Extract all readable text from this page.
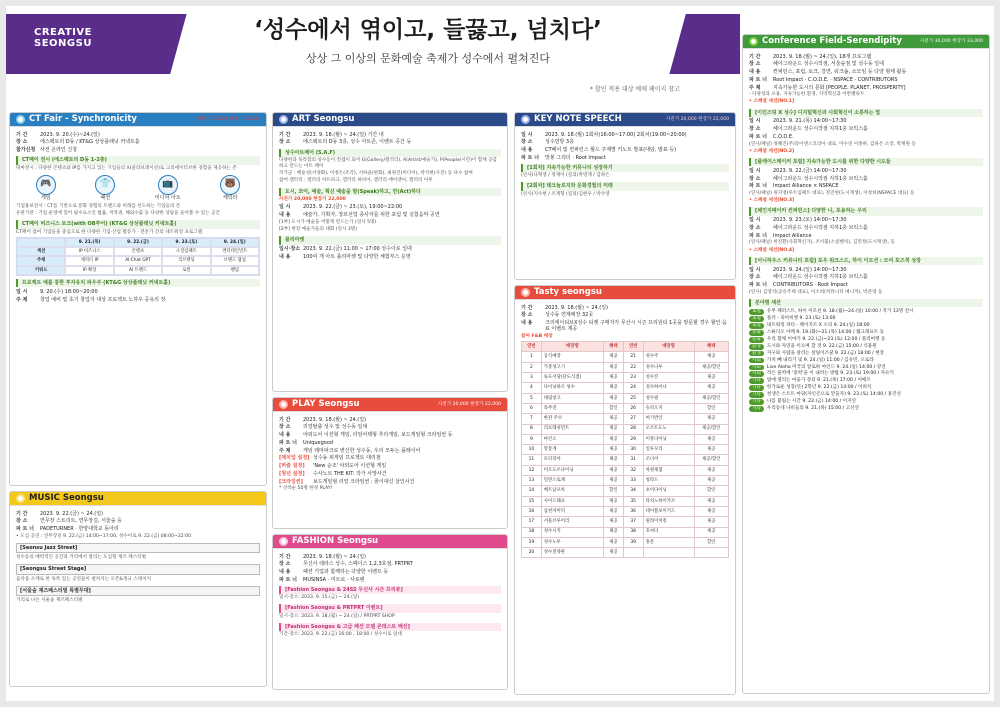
CREATIVE
SEONGSU	‘성수에서 엮이고, 들끓고, 넘치다’
상상 그 이상의 문화예술 축제가 성수에서 펼쳐진다
* 할인 적용 대상 예매 페이지 참고
CT Fair - Synchronicity	사전가 30,000 현장가 33,000
기 간	2023. 9. 20.(수)~24.(일)
장 소	에스팩토리 D동 / KT&G 상상플래닛 커넥트홀
참가신청 사전 온라인 신청
CT페어 전시 (에스팩토리 D동 1-2층)
테마전시 : 다양한 콘텐츠와 IP를 가지고 있는 기업들의 X(콜라보레이션)로 크리에이티브한 경험을 제공하는 존
🎮
게임
👕
패션
📺
미디어 아트
🐻
캐릭터
기업홍보전시 : CT를 기반으로 문화 경험의 트렌드와 미래를 선도하는 기업들의 존
유관기관 : 기업 운영에 있어 필수요소인 법률, 저작권, 해외수출 등 다양한 상담을 들어볼 수 있는 공간
CT페어 비즈니스 토크(with OB투어) (KT&G 상상플래닛 커넥트홀)
CT페어 참여 기업들을 중심으로 한 다양한 기업·산업 활동가 · 전문가 간의 네트워킹 프로그램
9. 21.(목)	9. 22.(금)	9. 23.(토)	9. 24.(일)
섹션	IP 비즈니스	콘텐츠	소셜임팩트	엔터테인먼트
주제	캐릭터 IP	AI·Chat GPT	리브랜딩	브랜드 협업
키워드	IP 확장	AI 트렌드	로컬	팬덤
프로젝트 예를 통한 투자유치 파우주 (KT&G 상상플래닛 커넥트홀)
일 시	9. 20.(수) 18:00~20:00
주 제	창업 예비 및 초기 창업자 대상 프로젝트 노하우 공유의 장
MUSIC Seongsu
기 간	2023. 9. 22.(금) ~ 24.(일)
장 소	연무장 스트리트, 연무장길, 서울숲 등
파 트 너	PADETURNER · 한양대학교 동아리
• 도심 공연 : 연무장길 9. 22.(금) 14:00~17:00, 성수이로 9. 22.(금) 08:00~22:00
[Seonsu Jazz Street]
성수동의 매력적인 공간과 거리에서 열리는 도심형 재즈 페스티벌
[Seongsu Street Stage]
음악을 소재로 한 독특 있는 공연들이 펼쳐지는 오픈&정규 스테이지
[서울숲 재즈페스티벌 특별무대]
거리로 나온 서울숲 재즈페스티벌
ART Seongsu
기 간	2023. 9. 18.(월) ~ 24.(일) 기간 내
장 소	에스팩토리 D동 3층, 성수 아트존, 이벤트 공간 등
성수아트페어 (S.A.F)
다양한과 독특함의 성수동이 컨셉이 되어 G(Gallery/갤러리), A(Artist/예술가), P(People/시민)이 함께 공감하고 만드는 아트 페어
작가군 : 배윤성(서양화), 이정은(조각), 서하윤(판화), 최원진(미디어), 박지현(사진) 등 다수 참여
참여 갤러리 : 갤러리 아트파크, 갤러리 하비아, 갤러리 에이앤씨, 갤러리 이루
도시, 코어, 예술, 혁신 예술을 말(Speak)하고, 만(Act)하다
사전가 20,000 현장가 22,000
일 시	2023. 9. 22.(금) ~ 23.(토), 19:00~22:00
내 용	예술가, 기획자, 장르선업 종사자를 위한 포럼 및 실험음악 공연
[1부] 도시가 예술을 어떻게 만드는가 (연사 5명)
[2부] 현장 예술가들의 대화 (연사 3명)
플리마켓
일시·장소 2023. 9. 22.(금) 11:00 ~ 17:00 성수이로 일대
내 용	100여 개 아트 플리마켓 및 다양한 체험부스 운영
PLAY Seongsu	사전가 20,000 현장가 22,000
기 간	2023. 9. 18.(월) ~ 24.(일)
장 소	리얼탈출 성수 및 성수동 일대
내 용	야외도어 이션형 게임, 타임어택형 추리게임, 보드게임형 크라임씬 등
파 트 너	Uniquegood
주 제	게임 테마파크로 변신한 성수동, 우리 모두는 플레이어
[매치업 설정] 성수동 위게임 프로젝트 대리점
[퍼즐 설정]	'New 순조' 야외도어 이션형 게임
[청년 설정]	수사노트 THE KIT: 작가 사망사건
[크라임씬]	보드게임형 리얼 크라임씬 : 꿈이대신 살인사건
* 선착순 50명 한정 PLAY!
FASHION Seongsu
기 간	2023. 9. 18.(월) ~ 24.(일)
장 소	무신사 테라스 성수, 스페이스 1,2,3호점, PRTPRT
내 용	패션 기업과 함께하는 다양한 이벤트 등
파 트 너	MUSINSA · 미트로 · 사로팬
[Fashion Seongsu & 24SS 무신사 시즌 프리뷰]
일시·장소: 2023. 9. 15.(금) ~ 24.(일)
[Fashion Seongsu & PRTPRT 이벤트]
일시·장소: 2023. 9. 18.(월) ~ 24.(일) / PRTPRT SHOP
[Fashion Seongsu & 고급 패션 모델 콘테스트 패선]
기간·장소: 2023. 9. 22.(금) 16:00 , 18:00 / 성수이로 일대
KEY NOTE SPEECH	사전가 20,000 현장가 22,000
일 시	2023. 9. 18.(월) 1회차(16:00~17:00) 2회차(19:00~20:00)
장 소	성수연방 3층
내 용	CT페어 및 컨퍼런스 월드 주제별 키노트 발표(대담, 발표 등)
파 트 너	맛봉 그리더 · Root Impact
[1회차] 지속가능한 커뮤니티 성장하기
(연사)나혁영 / 정재이 (질의)박영재 / 김하은
[2회차] 테크놀로지와 문화경험의 미래
(연사)지수현 / 조재형 (질의)김현우 / 박수영
Tasty seongsu
기 간	2023. 9. 18.(월) ~ 24.(일)
장 소	성수동 연계매장 32곳
내 용	크리에이티브X성수 티켓 구매자가 무산시 시즌 프리원티 1곳을 방문할 경우 할인·음료 이벤트 제공
참여 F&B 매장
연번	매장명	혜택	연번	매장명	혜택
1	공식매장	제공	21	성수주	제공
2	가봉성고기	제공	22	성수나루	제공/할인
3	독도서당(단도식점)	제공	23	성수진	제공
4	다이닝하르 성수	제공	24	성수하이나	제공
5	대림창고	제공	25	성수필	제공/할인
6	라무진	할인	26	슈퍼오지	할인
7	한잔 주수	제공	27	여기반인	제공
8	리프레쉬먼트	제공	28	오르트도노	제공/할인
9	마린오	제공	29	이뮤다이닝	제공
10	맛봉개	제공	30	일루모리	제공
11	모터리아	제공	31	조디어	제공/할인
12	미오도르다이닝	제공	32	차원제첩	제공
13	밀란스토케	제공	33	청라드	제공
14	베트남포차	할인	34	초이다이닝	할인
15	사이드웨프	제공	35	타치노하이카르	제공
16	삼천자미덕	제공	36	테이블보이키드	제공
17	서울브루어리	제공	37	필라이치킹	제공
18	성수시지	제공	38	호씨다	제공
19	성수노루	제공	39	홍문	할인
20	성수칠양관	제공			
Conference Field-Serendipity	사전가 30,000 현장가 33,000
기 간	2023. 9. 18.(월) ~ 24.(일), 18개 프로그램
장 소	헤이그라운드 성수시작점, 서울숲점 및 성수동 일대
내 용	컨퍼런스, 포럼, 토크, 강연, 워크숍, 소모임 등 다양 형태 활동
파 트 너	Root Impact · C.O.D.E. · NSPACE · CONTRIBUTORS
주 제	지속가능한 도시의 문화 [PEOPLE, PLANET, PROSPERITY]
- 다양성과 포용, 지속가능한 환경, 지역혁신과 어반밸류트
• 스페셜 세션[NO.1]
[이민즈팅 X 성수] 디지털혁신과 사회혁신이 소통하는 법
일 시	2023. 9. 21.(목) 14:00~17:30
장 소	헤이그라운드 성수시작점 지하1층 브릭스홀
파 트 너	C.O.D.E.
(연사/패널) 정혜진(주)라이센스코리아 대표, 이수연 이종하, 김하은 소장, 박재원 등
• 스페셜 세션[NO.2]
[플레이스메이커 포럼] 지속가능한 도시를 위한 다양한 시도들
일 시	2023. 9. 22.(금) 14:00~17:30
장 소	헤이그라운드 성수시작점 지하1층 브릭스홀
파 트 너	Impact Alliance × NSPACE
(연사/패널) 위지영(루트임팩트 대표), 정진현(도시재생), 이창희(NSPACE 대표) 등
• 스페셜 세션[NO.3]
[체인지메이커 컨퍼런스] 다양한 나, 포용하는 우리
일 시	2023. 9. 23.(토) 14:00~17:30
장 소	헤이그라운드 성수시작점 지하1층 브릭스홀
파 트 너	Impact Alliance
(연사/패널) 한진환(사회혁신가), 조이불(소셜벤처), 김민정(도시재생), 등
• 스페셜 세션[NO.4]
[서니하우스 커뮤니티 포럼] 로우 워크스드, 하이 이모션 : 모여 포즈적 성장
일 시	2023. 9. 24.(일) 14:00~17:30
장 소	헤이그라운드 성수시작점 지하1층 브릭스홀
파 트 너	CONTRIBUTORS · Root Impact
(연사) 김영석(공유주택 대표), 이소희(커뮤니티 매니저), 박준영 등
분야별 세션
로컬	유무 페퍼스트, 하이 이모션 9. 18.(월)~24.(일) 10:00 / 작가 13명 전시
로컬	플러 - 피아비엣 9. 23.(토) 13:00
로컬	네트워킹 파티 - 페이지트 X 오피 9. 24.(일) 18:00
문화	스튜디오 아케 9. 19.(화)~21.(목) 14:00 / 웹크래프트 등
문화	우리 함께 이야기 9. 22.(금)~23.(토) 12:00 / 플리마켓 등
환경	도시와 자연을 이으며 할 것 9. 22.(금) 15:00 / 식물원
환경	지구와 사람을 살리는 살림이즈쿨 9. 22.(금) 18:00 / 현장
사회	가치 빼 내리기 및 9. 24.(일) 11:00 / 김유민, 오로라
사회	Live Aloha 미국의 알로하 마인드 9. 24.(일) 14:00 / 강연
사회	작은 물벽에 '중력'을 이 내려는 방법 9. 23.(토) 19:00 / 자유키
기타	밤에 열리는 마을가 장터 9. 21.(목) 17:00 / 이메르
기타	한가로운 성장(뜻) 2학년 9. 22.(금) 14:00 / 이희석
기타	천생은 스트트 마당(자인콘으로 만들자) 9. 23.(토) 14:00 / 홍진선
기타	나를 불림는 시간 9. 22.(금) 14:00 / 이지연
기타	우리동네 나비들의 9. 21.(목) 15:00 / 고선연
